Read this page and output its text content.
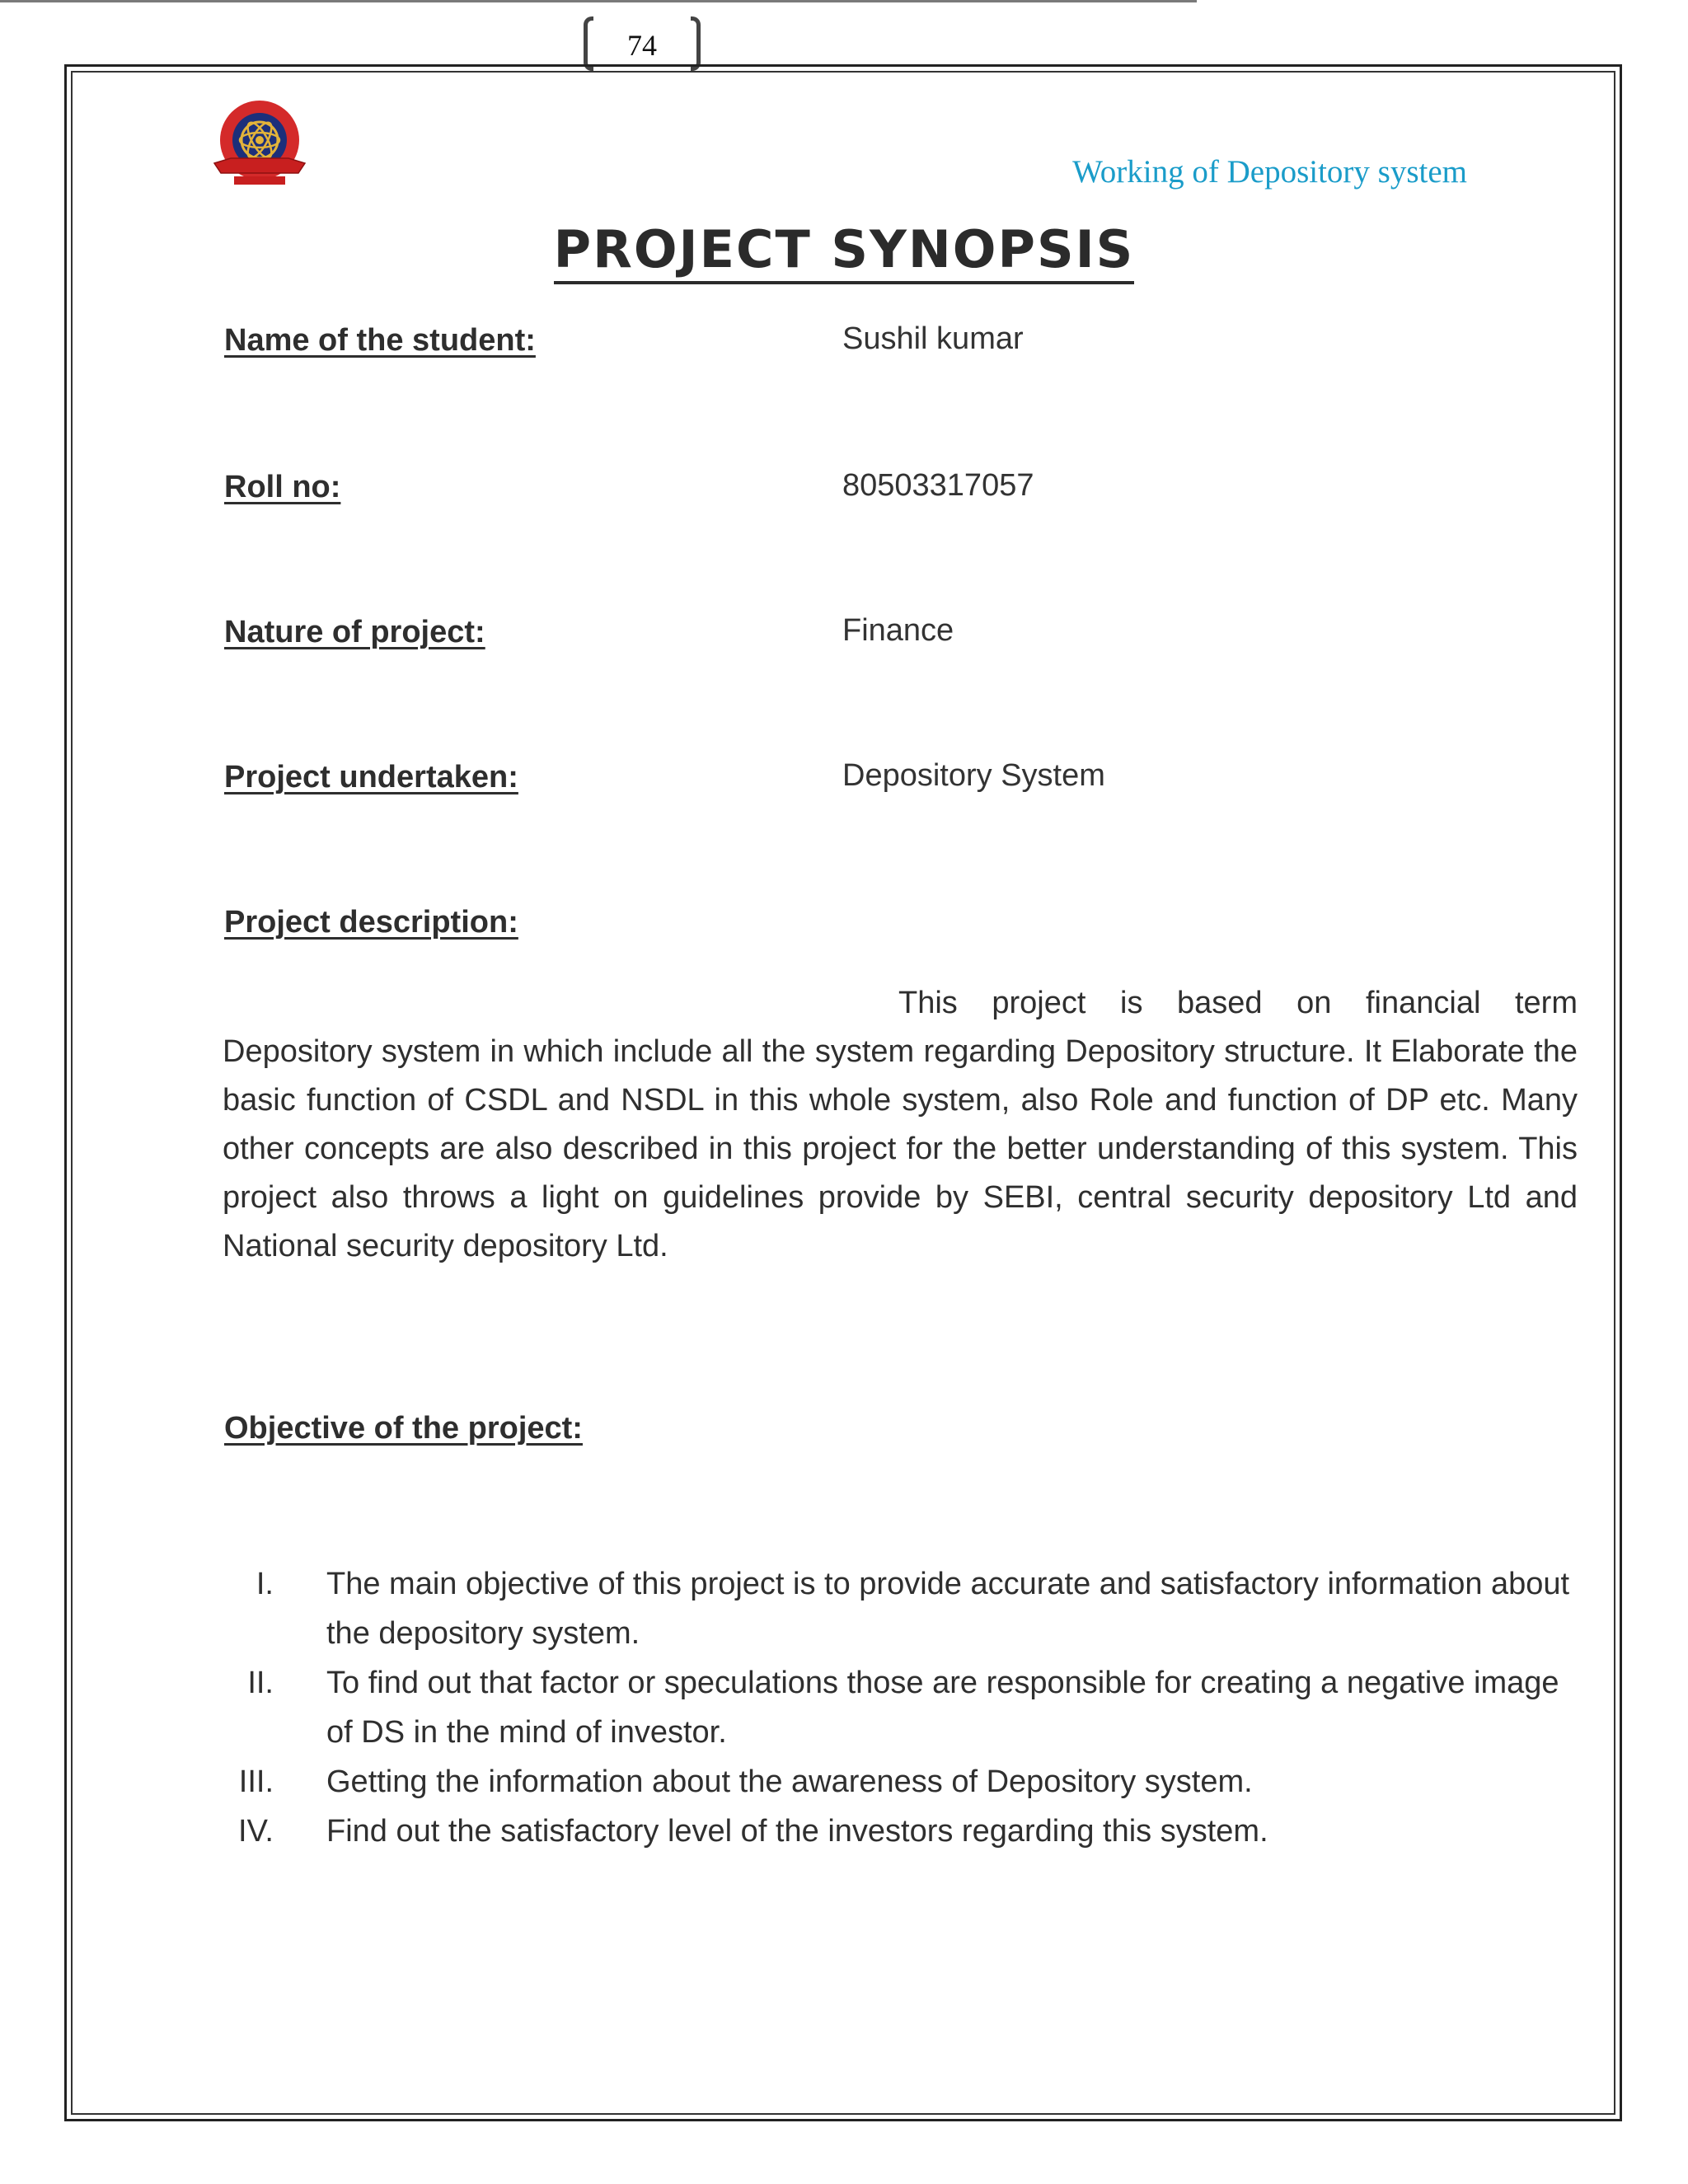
74
Working of Depository system
PROJECT SYNOPSIS
Name of the student:	Sushil kumar
Roll no:	80503317057
Nature of project:	Finance
Project undertaken:	Depository System
Project description:
This project is based on financial term Depository system in which include all the system regarding Depository structure. It Elaborate the basic function of CSDL and NSDL in this whole system, also Role and function of DP etc. Many other concepts are also described in this project for the better understanding of this system. This project also throws a light on guidelines provide by SEBI, central security depository Ltd and National security depository Ltd.
Objective of the project:
I. The main objective of this project is to provide accurate and satisfactory information about the depository system.
II. To find out that factor or speculations those are responsible for creating a negative image of DS in the mind of investor.
III. Getting the information about the awareness of Depository system.
IV. Find out the satisfactory level of the investors regarding this system.
